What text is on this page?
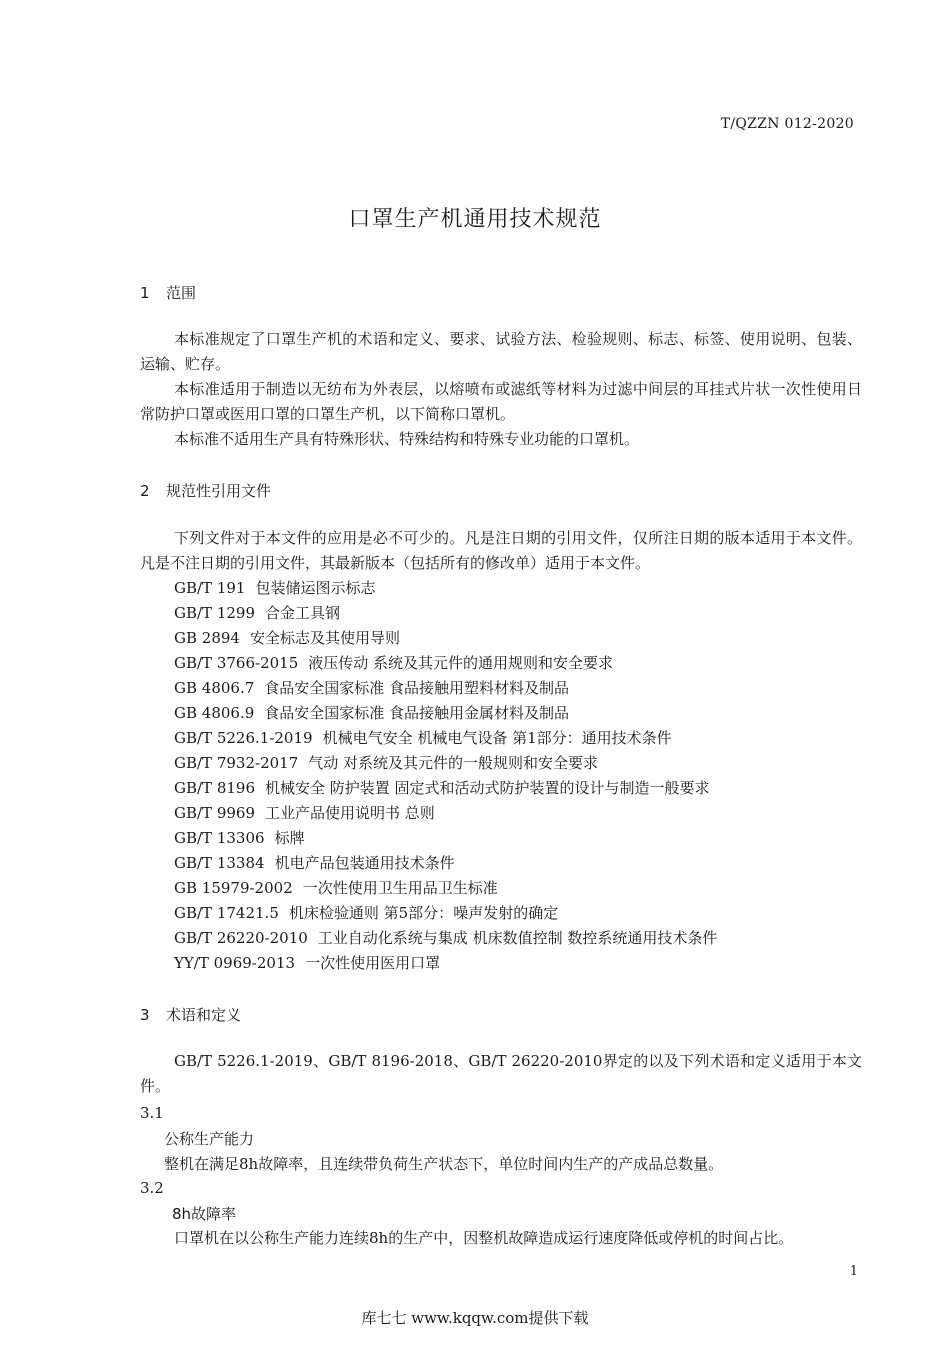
T/QZZN 012-2020
口罩生产机通用技术规范
1 范围
本标准规定了口罩生产机的术语和定义、要求、试验方法、检验规则、标志、标签、使用说明、包装、运输、贮存。
本标准适用于制造以无纺布为外表层，以熔喷布或滤纸等材料为过滤中间层的耳挂式片状一次性使用日常防护口罩或医用口罩的口罩生产机，以下简称口罩机。
本标准不适用生产具有特殊形状、特殊结构和特殊专业功能的口罩机。
2 规范性引用文件
下列文件对于本文件的应用是必不可少的。凡是注日期的引用文件，仅所注日期的版本适用于本文件。凡是不注日期的引用文件，其最新版本（包括所有的修改单）适用于本文件。
GB/T 191 包装储运图示标志
GB/T 1299 合金工具钢
GB 2894 安全标志及其使用导则
GB/T 3766-2015 液压传动 系统及其元件的通用规则和安全要求
GB 4806.7 食品安全国家标准 食品接触用塑料材料及制品
GB 4806.9 食品安全国家标准 食品接触用金属材料及制品
GB/T 5226.1-2019 机械电气安全 机械电气设备 第1部分：通用技术条件
GB/T 7932-2017 气动 对系统及其元件的一般规则和安全要求
GB/T 8196 机械安全 防护装置 固定式和活动式防护装置的设计与制造一般要求
GB/T 9969 工业产品使用说明书 总则
GB/T 13306 标牌
GB/T 13384 机电产品包装通用技术条件
GB 15979-2002 一次性使用卫生用品卫生标准
GB/T 17421.5 机床检验通则 第5部分：噪声发射的确定
GB/T 26220-2010 工业自动化系统与集成 机床数值控制 数控系统通用技术条件
YY/T 0969-2013 一次性使用医用口罩
3 术语和定义
GB/T 5226.1-2019、GB/T 8196-2018、GB/T 26220-2010界定的以及下列术语和定义适用于本文件。
3.1
公称生产能力
整机在满足8h故障率，且连续带负荷生产状态下，单位时间内生产的产成品总数量。
3.2
8h故障率
口罩机在以公称生产能力连续8h的生产中，因整机故障造成运行速度降低或停机的时间占比。
1
库七七 www.kqqw.com提供下载
